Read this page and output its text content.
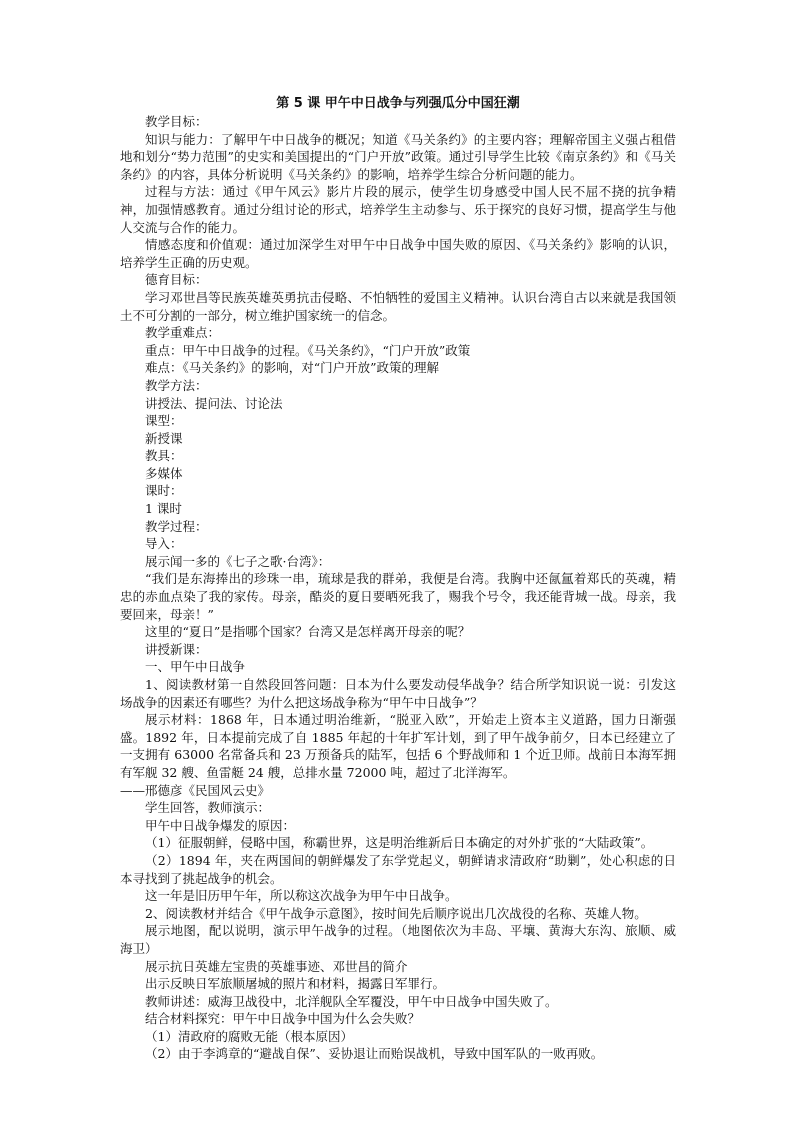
第 5 课 甲午中日战争与列强瓜分中国狂潮

教学目标：

知识与能力：了解甲午中日战争的概况；知道《马关条约》的主要内容；理解帝国主义强占租借地和划分“势力范围”的史实和美国提出的“门户开放”政策。通过引导学生比较《南京条约》和《马关条约》的内容，具体分析说明《马关条约》的影响，培养学生综合分析问题的能力。

过程与方法：通过《甲午风云》影片片段的展示，使学生切身感受中国人民不屈不挠的抗争精神，加强情感教育。通过分组讨论的形式，培养学生主动参与、乐于探究的良好习惯，提高学生与他人交流与合作的能力。

情感态度和价值观：通过加深学生对甲午中日战争中国失败的原因、《马关条约》影响的认识，培养学生正确的历史观。

德育目标：

学习邓世昌等民族英雄英勇抗击侵略、不怕牺牲的爱国主义精神。认识台湾自古以来就是我国领土不可分割的一部分，树立维护国家统一的信念。

教学重难点：

重点：甲午中日战争的过程。《马关条约》，“门户开放”政策

难点：《马关条约》的影响，对“门户开放”政策的理解

教学方法：

讲授法、提问法、讨论法

课型：

新授课

教具：

多媒体

课时：

1 课时

教学过程：

导入：

展示闻一多的《七子之歌·台湾》：

“我们是东海捧出的珍珠一串，琉球是我的群弟，我便是台湾。我胸中还氤氲着郑氏的英魂，精忠的赤血点染了我的家传。母亲，酷炎的夏日要晒死我了，赐我个号令，我还能背城一战。母亲，我要回来，母亲！”

这里的“夏日”是指哪个国家？台湾又是怎样离开母亲的呢？

讲授新课：

一、甲午中日战争

1、阅读教材第一自然段回答问题：日本为什么要发动侵华战争？结合所学知识说一说：引发这场战争的因素还有哪些？为什么把这场战争称为“甲午中日战争”？

展示材料：1868 年，日本通过明治维新，“脱亚入欧”，开始走上资本主义道路，国力日渐强盛。1892 年，日本提前完成了自 1885 年起的十年扩军计划，到了甲午战争前夕，日本已经建立了一支拥有 63000 名常备兵和 23 万预备兵的陆军，包括 6 个野战师和 1 个近卫师。战前日本海军拥有军舰 32 艘、鱼雷艇 24 艘，总排水量 72000 吨，超过了北洋海军。

——邢德彦《民国风云史》

学生回答，教师演示：

甲午中日战争爆发的原因：

（1）征服朝鲜，侵略中国，称霸世界，这是明治维新后日本确定的对外扩张的“大陆政策”。

（2）1894 年，夹在两国间的朝鲜爆发了东学党起义，朝鲜请求清政府“助剿”，处心积虑的日本寻找到了挑起战争的机会。

这一年是旧历甲午年，所以称这次战争为甲午中日战争。

2、阅读教材并结合《甲午战争示意图》，按时间先后顺序说出几次战役的名称、英雄人物。

展示地图，配以说明，演示甲午战争的过程。（地图依次为丰岛、平壤、黄海大东沟、旅顺、威海卫）

展示抗日英雄左宝贵的英雄事迹、邓世昌的简介

出示反映日军旅顺屠城的照片和材料，揭露日军罪行。

教师讲述：威海卫战役中，北洋舰队全军覆没，甲午中日战争中国失败了。

结合材料探究：甲午中日战争中国为什么会失败？

（1）清政府的腐败无能（根本原因）

（2）由于李鸿章的“避战自保”、妥协退让而贻误战机，导致中国军队的一败再败。
